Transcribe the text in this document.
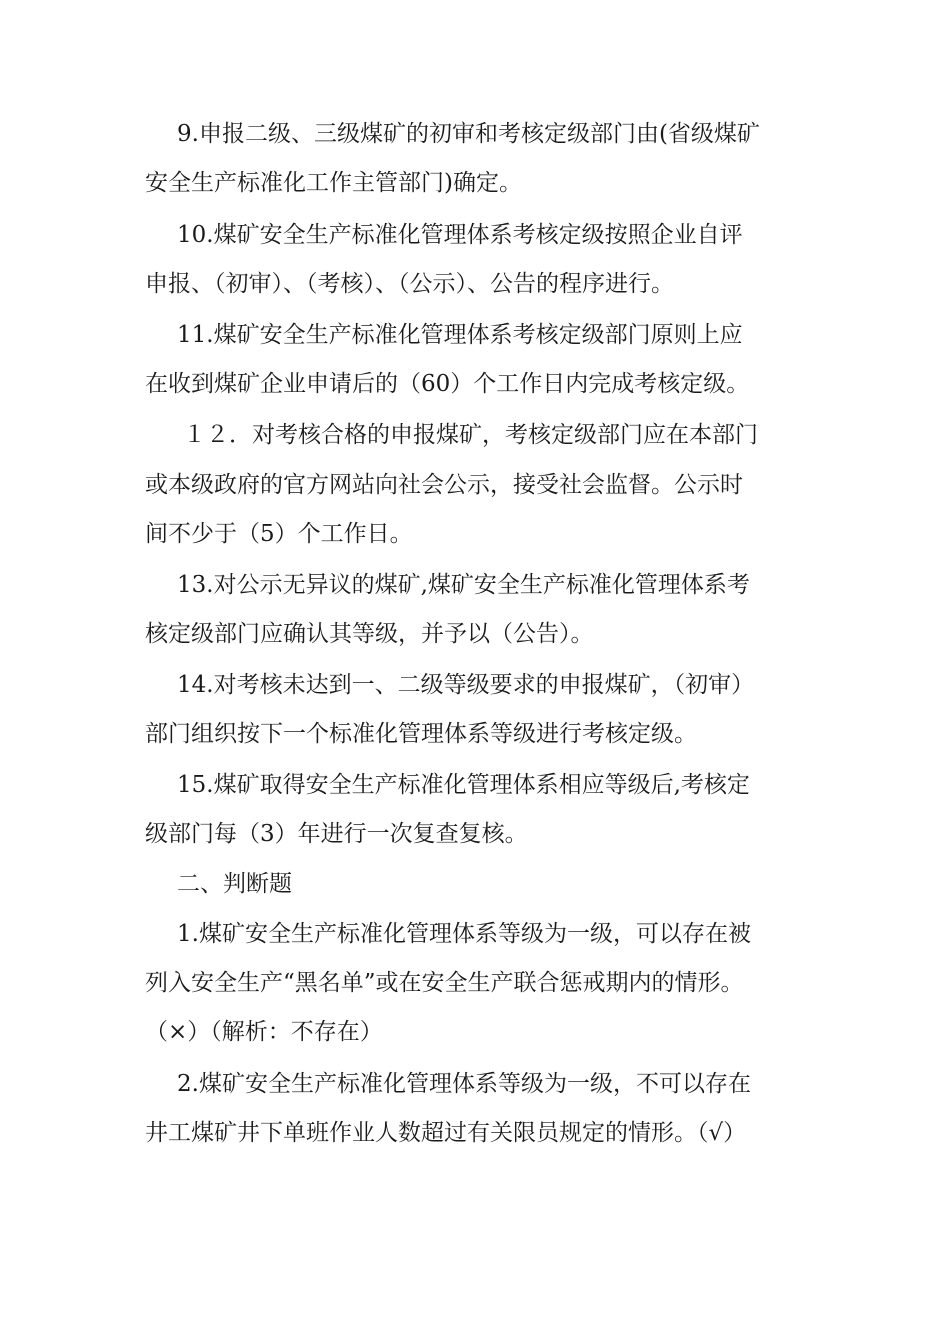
9.申报二级、三级煤矿的初审和考核定级部门由(省级煤矿
安全生产标准化工作主管部门)确定。
10.煤矿安全生产标准化管理体系考核定级按照企业自评
申报、（初审）、（考核）、（公示）、公告的程序进行。
11.煤矿安全生产标准化管理体系考核定级部门原则上应
在收到煤矿企业申请后的（60）个工作日内完成考核定级。
１２．对考核合格的申报煤矿，考核定级部门应在本部门
或本级政府的官方网站向社会公示，接受社会监督。公示时
间不少于（5）个工作日。
13.对公示无异议的煤矿,煤矿安全生产标准化管理体系考
核定级部门应确认其等级，并予以（公告）。
14.对考核未达到一、二级等级要求的申报煤矿，（初审）
部门组织按下一个标准化管理体系等级进行考核定级。
15.煤矿取得安全生产标准化管理体系相应等级后,考核定
级部门每（3）年进行一次复查复核。
二、判断题
1.煤矿安全生产标准化管理体系等级为一级，可以存在被
列入安全生产“黑名单”或在安全生产联合惩戒期内的情形。
（×）（解析：不存在）
2.煤矿安全生产标准化管理体系等级为一级，不可以存在
井工煤矿井下单班作业人数超过有关限员规定的情形。（√）
